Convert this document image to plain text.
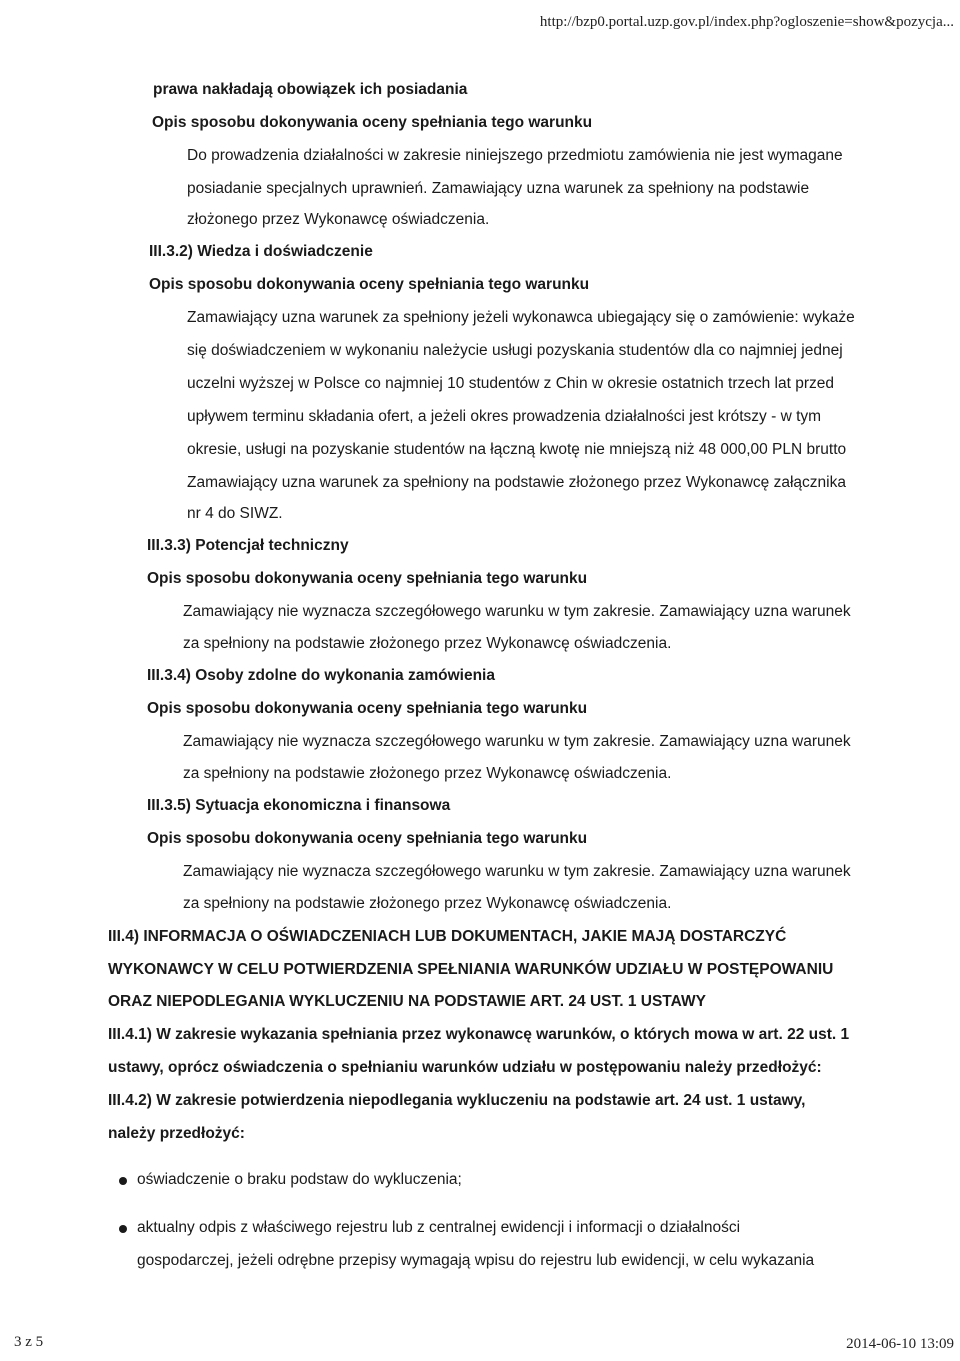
http://bzp0.portal.uzp.gov.pl/index.php?ogloszenie=show&pozycja...
prawa nakładają obowiązek ich posiadania
Opis sposobu dokonywania oceny spełniania tego warunku
Do prowadzenia działalności w zakresie niniejszego przedmiotu zamówienia nie jest wymagane
posiadanie specjalnych uprawnień. Zamawiający uzna warunek za spełniony na podstawie
złożonego przez Wykonawcę oświadczenia.
III.3.2) Wiedza i doświadczenie
Opis sposobu dokonywania oceny spełniania tego warunku
Zamawiający uzna warunek za spełniony jeżeli wykonawca ubiegający się o zamówienie: wykaże
się doświadczeniem w wykonaniu należycie usługi pozyskania studentów dla co najmniej jednej
uczelni wyższej w Polsce co najmniej 10 studentów z Chin w okresie ostatnich trzech lat przed
upływem terminu składania ofert, a jeżeli okres prowadzenia działalności jest krótszy - w tym
okresie, usługi na pozyskanie studentów na łączną kwotę nie mniejszą niż 48 000,00 PLN brutto
Zamawiający uzna warunek za spełniony na podstawie złożonego przez Wykonawcę załącznika
nr 4 do SIWZ.
III.3.3) Potencjał techniczny
Opis sposobu dokonywania oceny spełniania tego warunku
Zamawiający nie wyznacza szczegółowego warunku w tym zakresie. Zamawiający uzna warunek
za spełniony na podstawie złożonego przez Wykonawcę oświadczenia.
III.3.4) Osoby zdolne do wykonania zamówienia
Opis sposobu dokonywania oceny spełniania tego warunku
Zamawiający nie wyznacza szczegółowego warunku w tym zakresie. Zamawiający uzna warunek
za spełniony na podstawie złożonego przez Wykonawcę oświadczenia.
III.3.5) Sytuacja ekonomiczna i finansowa
Opis sposobu dokonywania oceny spełniania tego warunku
Zamawiający nie wyznacza szczegółowego warunku w tym zakresie. Zamawiający uzna warunek
za spełniony na podstawie złożonego przez Wykonawcę oświadczenia.
III.4) INFORMACJA O OŚWIADCZENIACH LUB DOKUMENTACH, JAKIE MAJĄ DOSTARCZYĆ
WYKONAWCY W CELU POTWIERDZENIA SPEŁNIANIA WARUNKÓW UDZIAŁU W POSTĘPOWANIU
ORAZ NIEPODLEGANIA WYKLUCZENIU NA PODSTAWIE ART. 24 UST. 1 USTAWY
III.4.1) W zakresie wykazania spełniania przez wykonawcę warunków, o których mowa w art. 22 ust. 1
ustawy, oprócz oświadczenia o spełnianiu warunków udziału w postępowaniu należy przedłożyć:
III.4.2) W zakresie potwierdzenia niepodlegania wykluczeniu na podstawie art. 24 ust. 1 ustawy,
należy przedłożyć:
oświadczenie o braku podstaw do wykluczenia;
aktualny odpis z właściwego rejestru lub z centralnej ewidencji i informacji o działalności
gospodarczej, jeżeli odrębne przepisy wymagają wpisu do rejestru lub ewidencji, w celu wykazania
3 z 5	2014-06-10 13:09
